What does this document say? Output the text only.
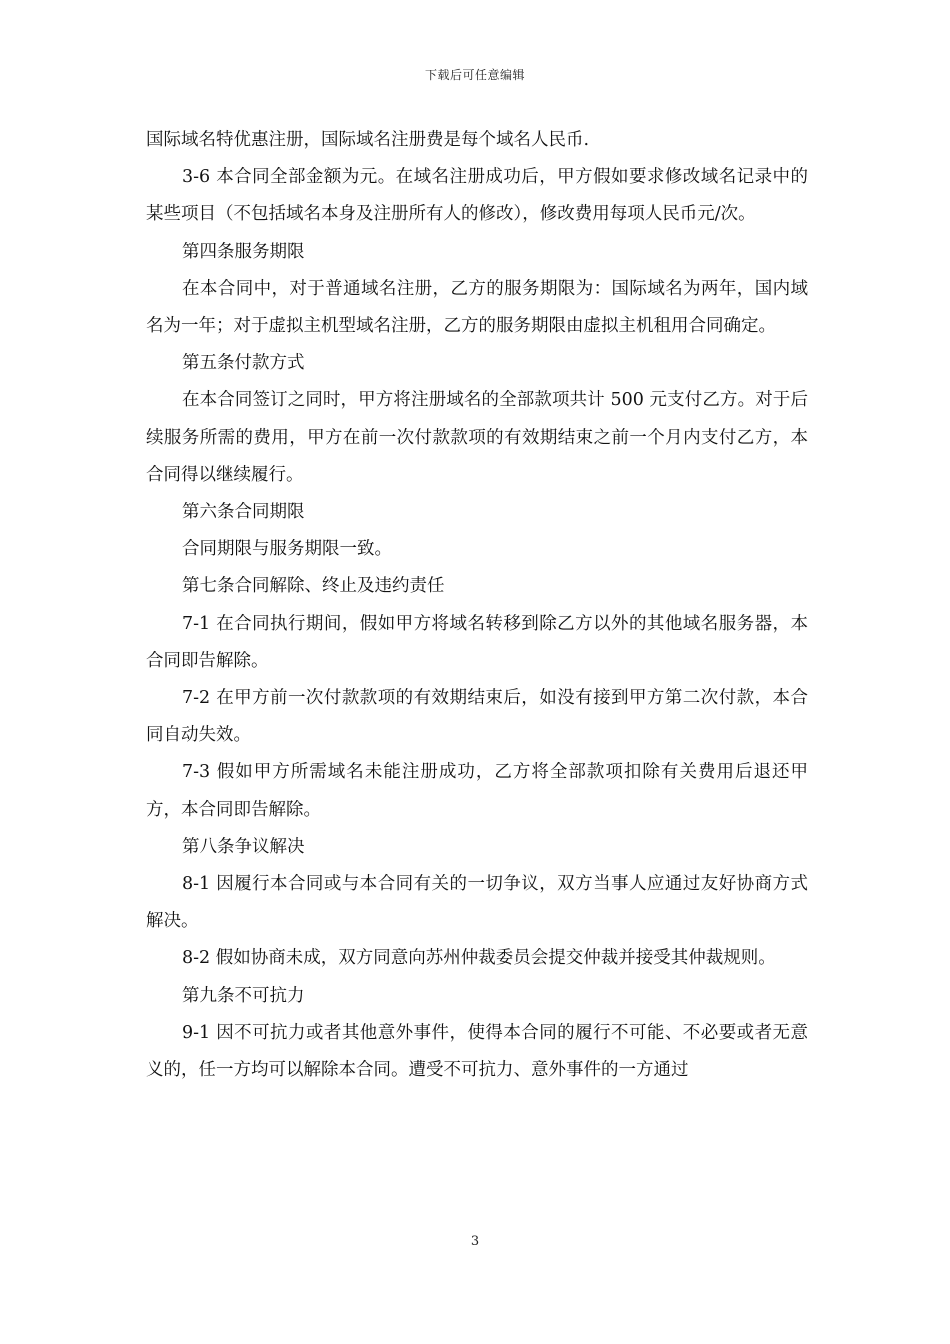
下载后可任意编辑

国际域名特优惠注册，国际域名注册费是每个域名人民币.

3-6 本合同全部金额为元。在域名注册成功后，甲方假如要求修改域名记录中的某些项目（不包括域名本身及注册所有人的修改），修改费用每项人民币元/次。

第四条服务期限

在本合同中，对于普通域名注册，乙方的服务期限为：国际域名为两年，国内域名为一年；对于虚拟主机型域名注册，乙方的服务期限由虚拟主机租用合同确定。

第五条付款方式

在本合同签订之同时，甲方将注册域名的全部款项共计 500 元支付乙方。对于后续服务所需的费用，甲方在前一次付款款项的有效期结束之前一个月内支付乙方，本合同得以继续履行。

第六条合同期限

合同期限与服务期限一致。

第七条合同解除、终止及违约责任

7-1 在合同执行期间，假如甲方将域名转移到除乙方以外的其他域名服务器，本合同即告解除。

7-2 在甲方前一次付款款项的有效期结束后，如没有接到甲方第二次付款，本合同自动失效。

7-3 假如甲方所需域名未能注册成功，乙方将全部款项扣除有关费用后退还甲方，本合同即告解除。

第八条争议解决

8-1 因履行本合同或与本合同有关的一切争议，双方当事人应通过友好协商方式解决。

8-2 假如协商未成，双方同意向苏州仲裁委员会提交仲裁并接受其仲裁规则。

第九条不可抗力

9-1 因不可抗力或者其他意外事件，使得本合同的履行不可能、不必要或者无意义的，任一方均可以解除本合同。遭受不可抗力、意外事件的一方通过

3
